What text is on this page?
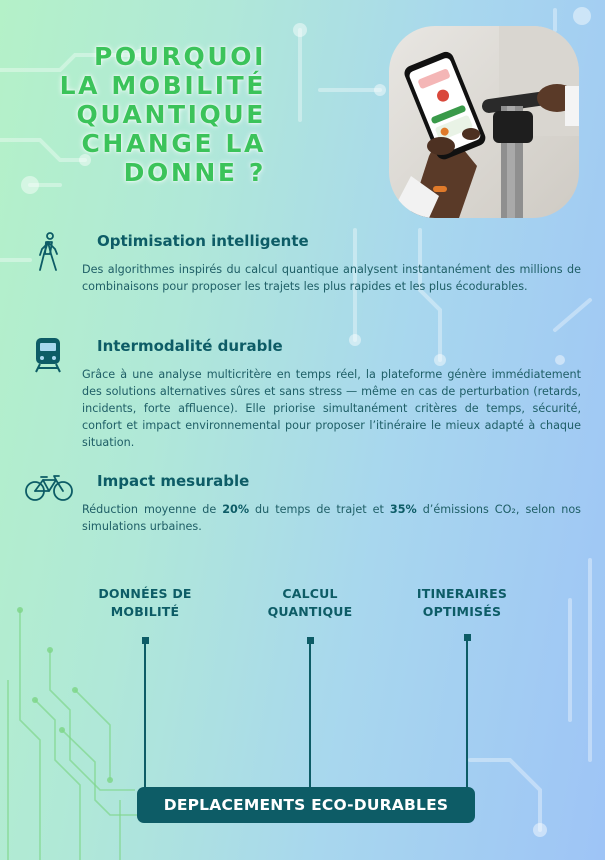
POURQUOI
LA MOBILITÉ
QUANTIQUE
CHANGE LA
DONNE ?
Optimisation intelligente

Des algorithmes inspirés du calcul quantique analysent instantanément des millions de combinaisons pour proposer les trajets les plus rapides et les plus écodurables.

Intermodalité durable

Grâce à une analyse multicritère en temps réel, la plateforme génère immédiatement des solutions alternatives sûres et sans stress — même en cas de perturbation (retards, incidents, forte affluence). Elle priorise simultanément critères de temps, sécurité, confort et impact environnemental pour proposer l’itinéraire le mieux adapté à chaque situation.

Impact mesurable

Réduction moyenne de 20% du temps de trajet et 35% d’émissions CO₂, selon nos simulations urbaines.

DONNÉES DE
MOBILITÉ
CALCUL
QUANTIQUE
ITINERAIRES
OPTIMISÉS
DEPLACEMENTS ECO-DURABLES
